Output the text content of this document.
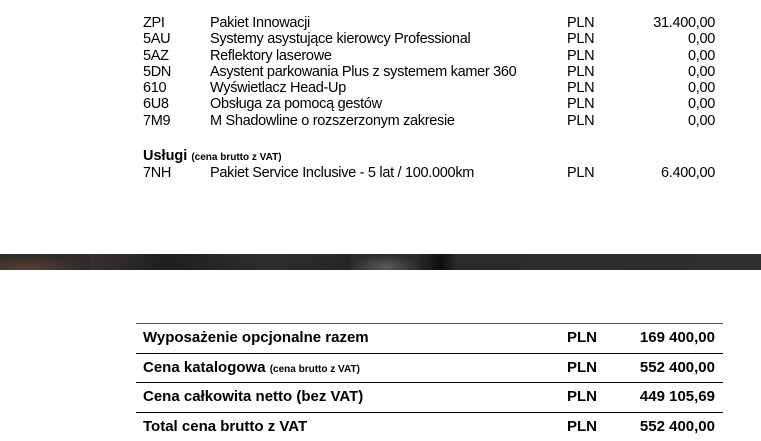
ZPI	Pakiet Innowacji	PLN	31.400,00
5AU	Systemy asystujące kierowcy Professional	PLN	0,00
5AZ	Reflektory laserowe	PLN	0,00
5DN	Asystent parkowania Plus z systemem kamer 360	PLN	0,00
610	Wyświetlacz Head-Up	PLN	0,00
6U8	Obsługa za pomocą gestów	PLN	0,00
7M9	M Shadowline o rozszerzonym zakresie	PLN	0,00
Usługi (cena brutto z VAT)
7NH	Pakiet Service Inclusive - 5 lat / 100.000km	PLN	6.400,00
Wyposażenie opcjonalne razem	PLN	169 400,00
Cena katalogowa (cena brutto z VAT)	PLN	552 400,00
Cena całkowita netto (bez VAT)	PLN	449 105,69
Total cena brutto z VAT	PLN	552 400,00
